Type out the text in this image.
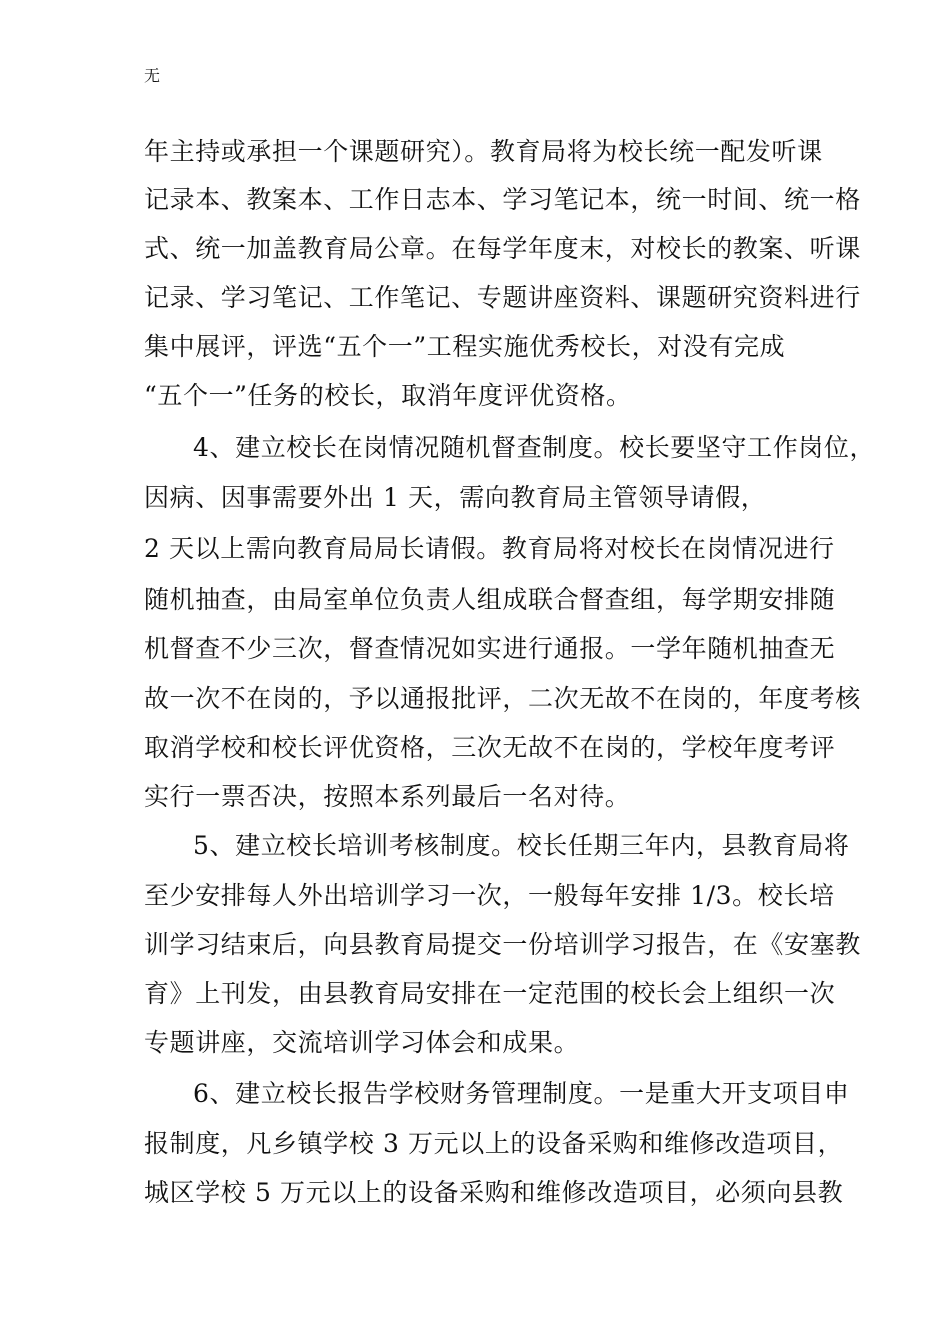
无
年主持或承担一个课题研究）。教育局将为校长统一配发听课
记录本、教案本、工作日志本、学习笔记本，统一时间、统一格
式、统一加盖教育局公章。在每学年度末，对校长的教案、听课
记录、学习笔记、工作笔记、专题讲座资料、课题研究资料进行
集中展评，评选“五个一”工程实施优秀校长，对没有完成
“五个一”任务的校长，取消年度评优资格。
4、建立校长在岗情况随机督查制度。校长要坚守工作岗位，
因病、因事需要外出 1 天，需向教育局主管领导请假，
2 天以上需向教育局局长请假。教育局将对校长在岗情况进行
随机抽查，由局室单位负责人组成联合督查组，每学期安排随
机督查不少三次，督查情况如实进行通报。一学年随机抽查无
故一次不在岗的，予以通报批评，二次无故不在岗的，年度考核
取消学校和校长评优资格，三次无故不在岗的，学校年度考评
实行一票否决，按照本系列最后一名对待。
5、建立校长培训考核制度。校长任期三年内，县教育局将
至少安排每人外出培训学习一次，一般每年安排 1/3。校长培
训学习结束后，向县教育局提交一份培训学习报告，在《安塞教
育》上刊发，由县教育局安排在一定范围的校长会上组织一次
专题讲座，交流培训学习体会和成果。
6、建立校长报告学校财务管理制度。一是重大开支项目申
报制度，凡乡镇学校 3 万元以上的设备采购和维修改造项目，
城区学校 5 万元以上的设备采购和维修改造项目，必须向县教
